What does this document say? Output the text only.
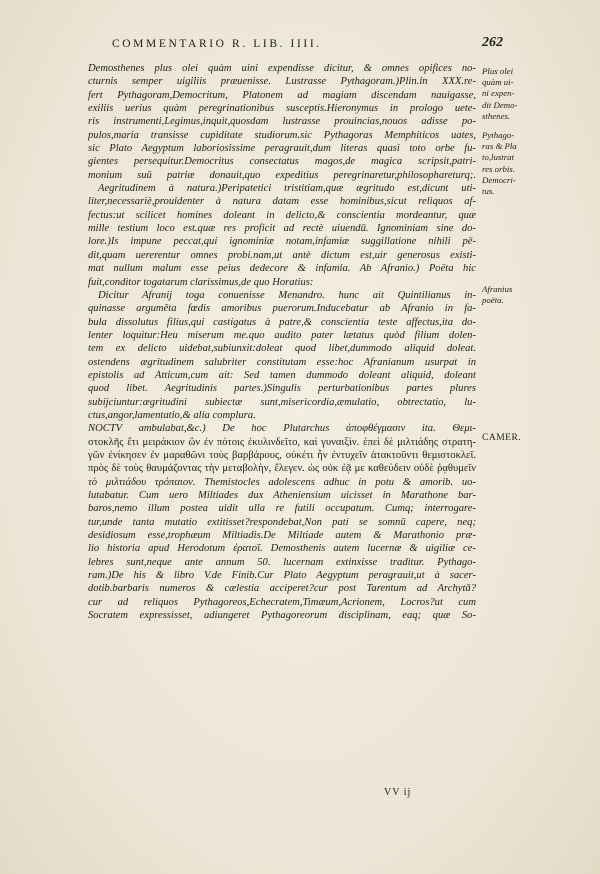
COMMENTARIO R. LIB. IIII.	262
Demosthenes plus olei quàm uini expendisse dicitur, & omnes opifices no-
cturnis semper uigiliis præuenisse. Lustrasse Pythagoram.)Plin.in XXX.re-
fert Pythagoram,Democritum, Platonem ad magiam discendam nauigasse,
exiliis uerius quàm peregrinationibus susceptis.Hieronymus in prologo uete-
ris instrumenti,Legimus,inquit,quosdam lustrasse prouincias,nouos adisse po-
pulos,maria transisse cupiditate studiorum.sic Pythagoras Memphiticos uates,
sic Plato Aegyptum laboriosissime peragrauit,dum literas quasi toto orbe fu-
gientes persequitur.Democritus consectatus magos,de magica scripsit,patri-
monium suū patriæ donauit,quo expeditius peregrinaretur,philosophareturq;.
Aegritudinem à natura.)Peripatetici tristitiam,quæ ægritudo est,dicunt uti-
liter,necessariè,prouidenter à natura datam esse hominibus,sicut reliquos af-
fectus:ut scilicet homines doleant in delicto,& conscientia mordeantur, quæ
mille testium loco est.quæ res proficit ad rectè uiuendū. Ignominiam sine do-
lore.)Is impune peccat,qui ignominiæ notam,infamiæ suggillatione nihili pē-
dit,quam uererentur omnes probi.nam,ut antè dictum est,uir generosus existi-
mat nullum malum esse peius dedecore & infamia. Ab Afranio.) Poëta hic
fuit,conditor togatarum clarissimus,de quo Horatius:
Dicitur Afranij toga conuenisse Menandro. hunc ait Quintilianus in-
quinasse argumēta fœdis amoribus puerorum.Inducebatur ab Afranio in fa-
bula dissolutus filius,qui castigatus à patre,& conscientia teste affectus,ita do-
lenter loquitur:Heu miserum me.quo audito pater lætatus quòd filium dolen-
tem ex delicto uidebat,subiunxit:doleat quod libet,dummodo aliquid doleat.
ostendens ægritudinem salubriter constitutam esse:hoc Afranianum usurpat in
epistolis ad Atticum,cum ait: Sed tamen dummodo doleant aliquid, doleant
quod libet. Aegritudinis partes.)Singulis perturbationibus partes plures
subijciuntur:ægritudini subiectæ sunt,misericordia,æmulatio, obtrectatio, lu-
ctus,angor,lamentatio,& alia complura.
NOCTV ambulabat,&c.) De hoc Plutarchus ἀποφθέγμασιν ita. Θεμι-
στοκλῆς ἔτι μειράκιον ὢν ἐν πότοις ἐκυλινδεῖτο, καὶ γυναιξὶν. ἐπεὶ δὲ μιλτιάδης στρατη-
γῶν ἐνίκησεν ἐν μαραθῶνι τοὺς βαρβάρους, οὐκέτι ἦν ἐντυχεῖν ἀτακτοῦντι θεμιστοκλεῖ.
πρὸς δὲ τοὺς θαυμάζοντας τὴν μεταβολὴν, ἔλεγεν. ὡς οὐκ ἐᾷ με καθεύδειν οὐδὲ ῥᾳθυμεῖν
τὸ μιλτιάδου τρόπαιον. Themistocles adolescens adhuc in potu & amorib. uo-
lutabatur. Cum uero Miltiades dux Atheniensium uicisset in Marathone bar-
baros,nemo illum postea uidit ulla re futili occupatum. Cumq; interrogare-
tur,unde tanta mutatio extitisset?respondebat,Non pati se somnū capere, neq;
desidiosum esse,trophæum Miltiadis.De Miltiade autem & Marathonio præ-
lio historia apud Herodotum ἐρατοῖ. Demosthenis autem lucernæ & uigiliæ ce-
lebres sunt,neque ante annum 50. lucernam extinxisse traditur. Pythago-
ram.)De his & libro V.de Finib.Cur Plato Aegyptum peragrauit,ut à sacer-
dotib.barbaris numeros & cælestia acciperet?cur post Tarentum ad Archytā?
cur ad reliquos Pythagoreos,Echecratem,Timæum,Acrionem, Locros?ut cum
Socratem expressisset, adiungeret Pythagoreorum disciplinam, eaq; quæ So-
Plus olei
quàm ui-
ni expen-
dit Demo-
sthenes.
Pythago-
ras & Pla
to,lustrat
res orbis.
Democri-
tus.
Afranius
poëta.
CAMER.
VV ij
